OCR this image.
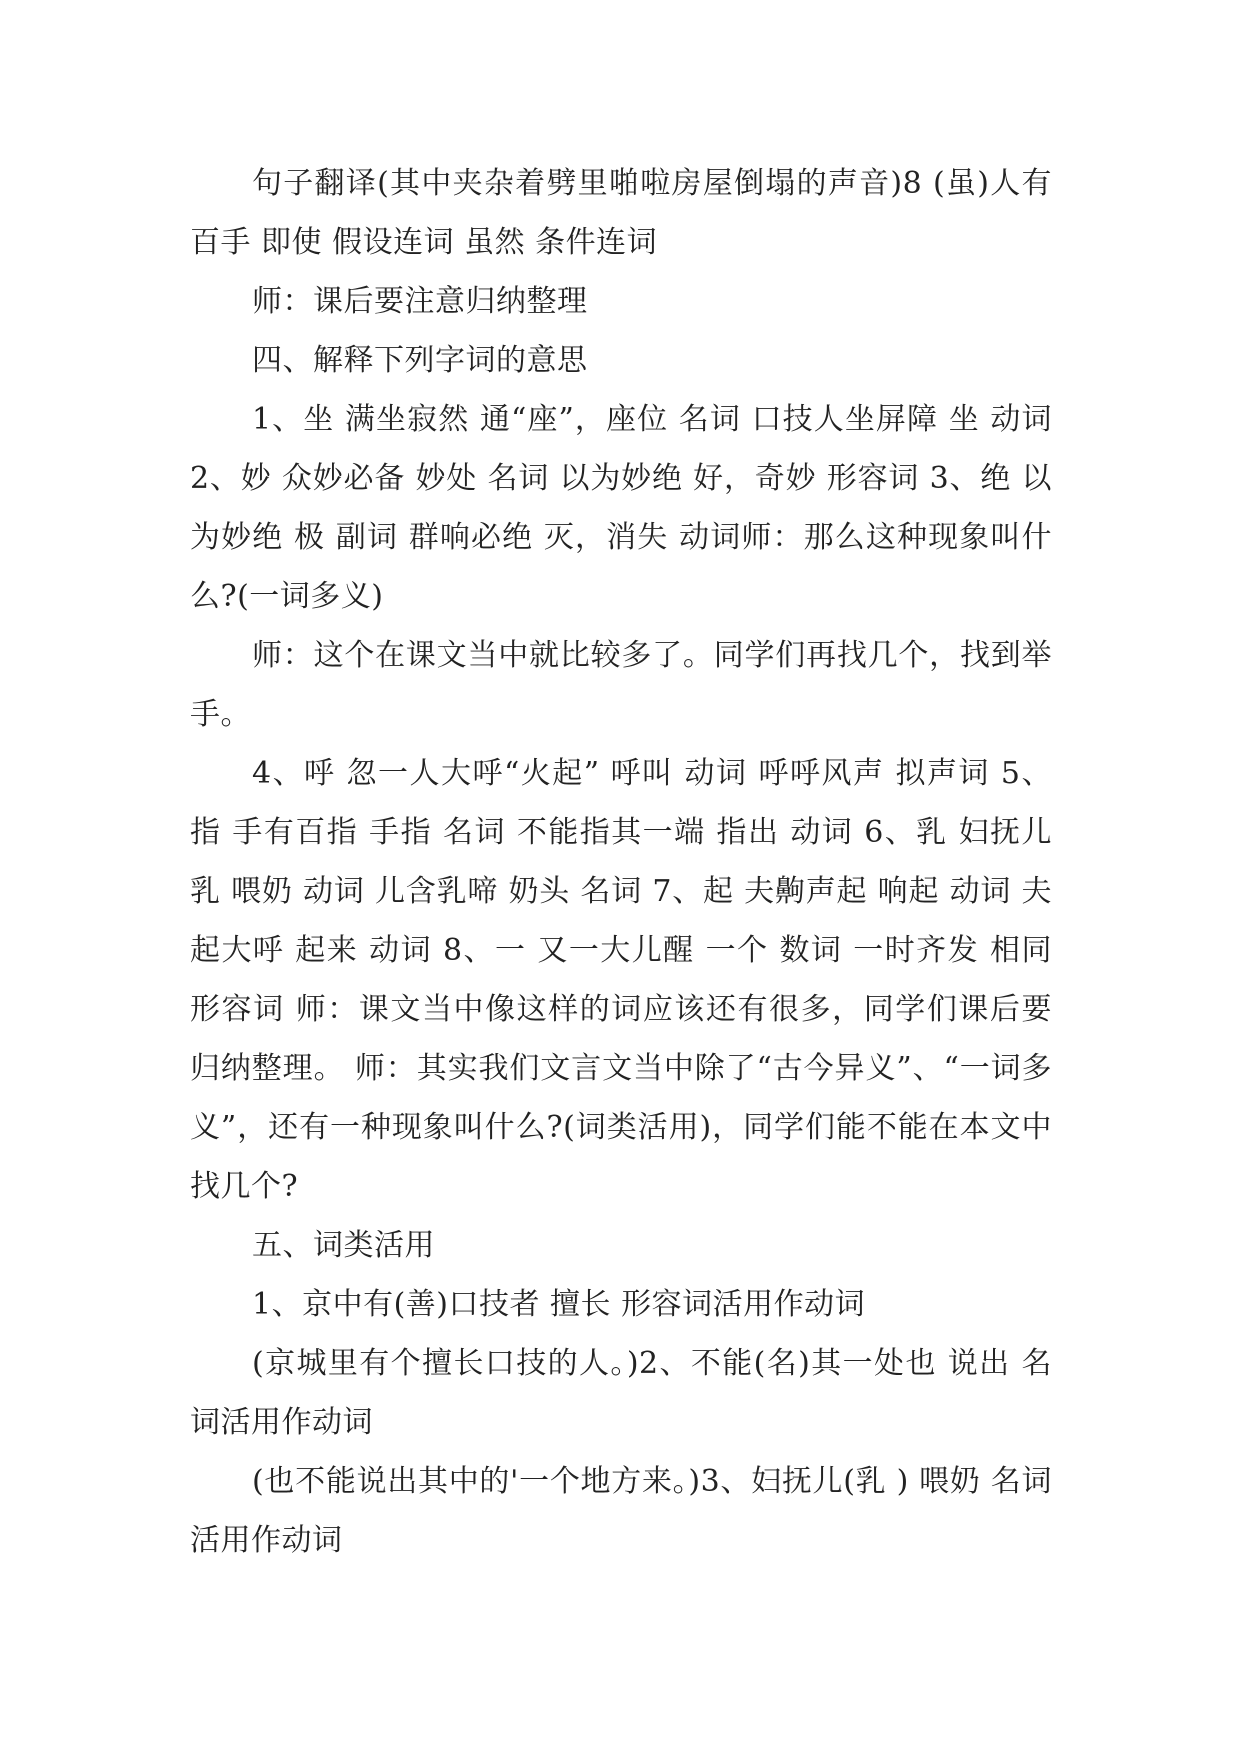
句子翻译(其中夹杂着劈里啪啦房屋倒塌的声音)8 (虽)人有百手 即使 假设连词 虽然 条件连词

师：课后要注意归纳整理

四、解释下列字词的意思

1、坐 满坐寂然 通“座”，座位 名词 口技人坐屏障 坐 动词 2、妙 众妙必备 妙处 名词 以为妙绝 好，奇妙 形容词 3、绝 以为妙绝 极 副词 群响必绝 灭，消失 动词师：那么这种现象叫什么?(一词多义)

师：这个在课文当中就比较多了。同学们再找几个，找到举手。

4、呼 忽一人大呼“火起” 呼叫 动词 呼呼风声 拟声词 5、指 手有百指 手指 名词 不能指其一端 指出 动词 6、乳 妇抚儿乳 喂奶 动词 儿含乳啼 奶头 名词 7、起 夫齁声起 响起 动词 夫起大呼 起来 动词 8、一 又一大儿醒 一个 数词 一时齐发 相同 形容词 师：课文当中像这样的词应该还有很多，同学们课后要归纳整理。 师：其实我们文言文当中除了“古今异义”、“一词多义”，还有一种现象叫什么?(词类活用)，同学们能不能在本文中找几个?

五、词类活用

1、京中有(善)口技者 擅长 形容词活用作动词

(京城里有个擅长口技的人。)2、不能(名)其一处也 说出 名词活用作动词

(也不能说出其中的'一个地方来。)3、妇抚儿(乳 ) 喂奶 名词活用作动词
